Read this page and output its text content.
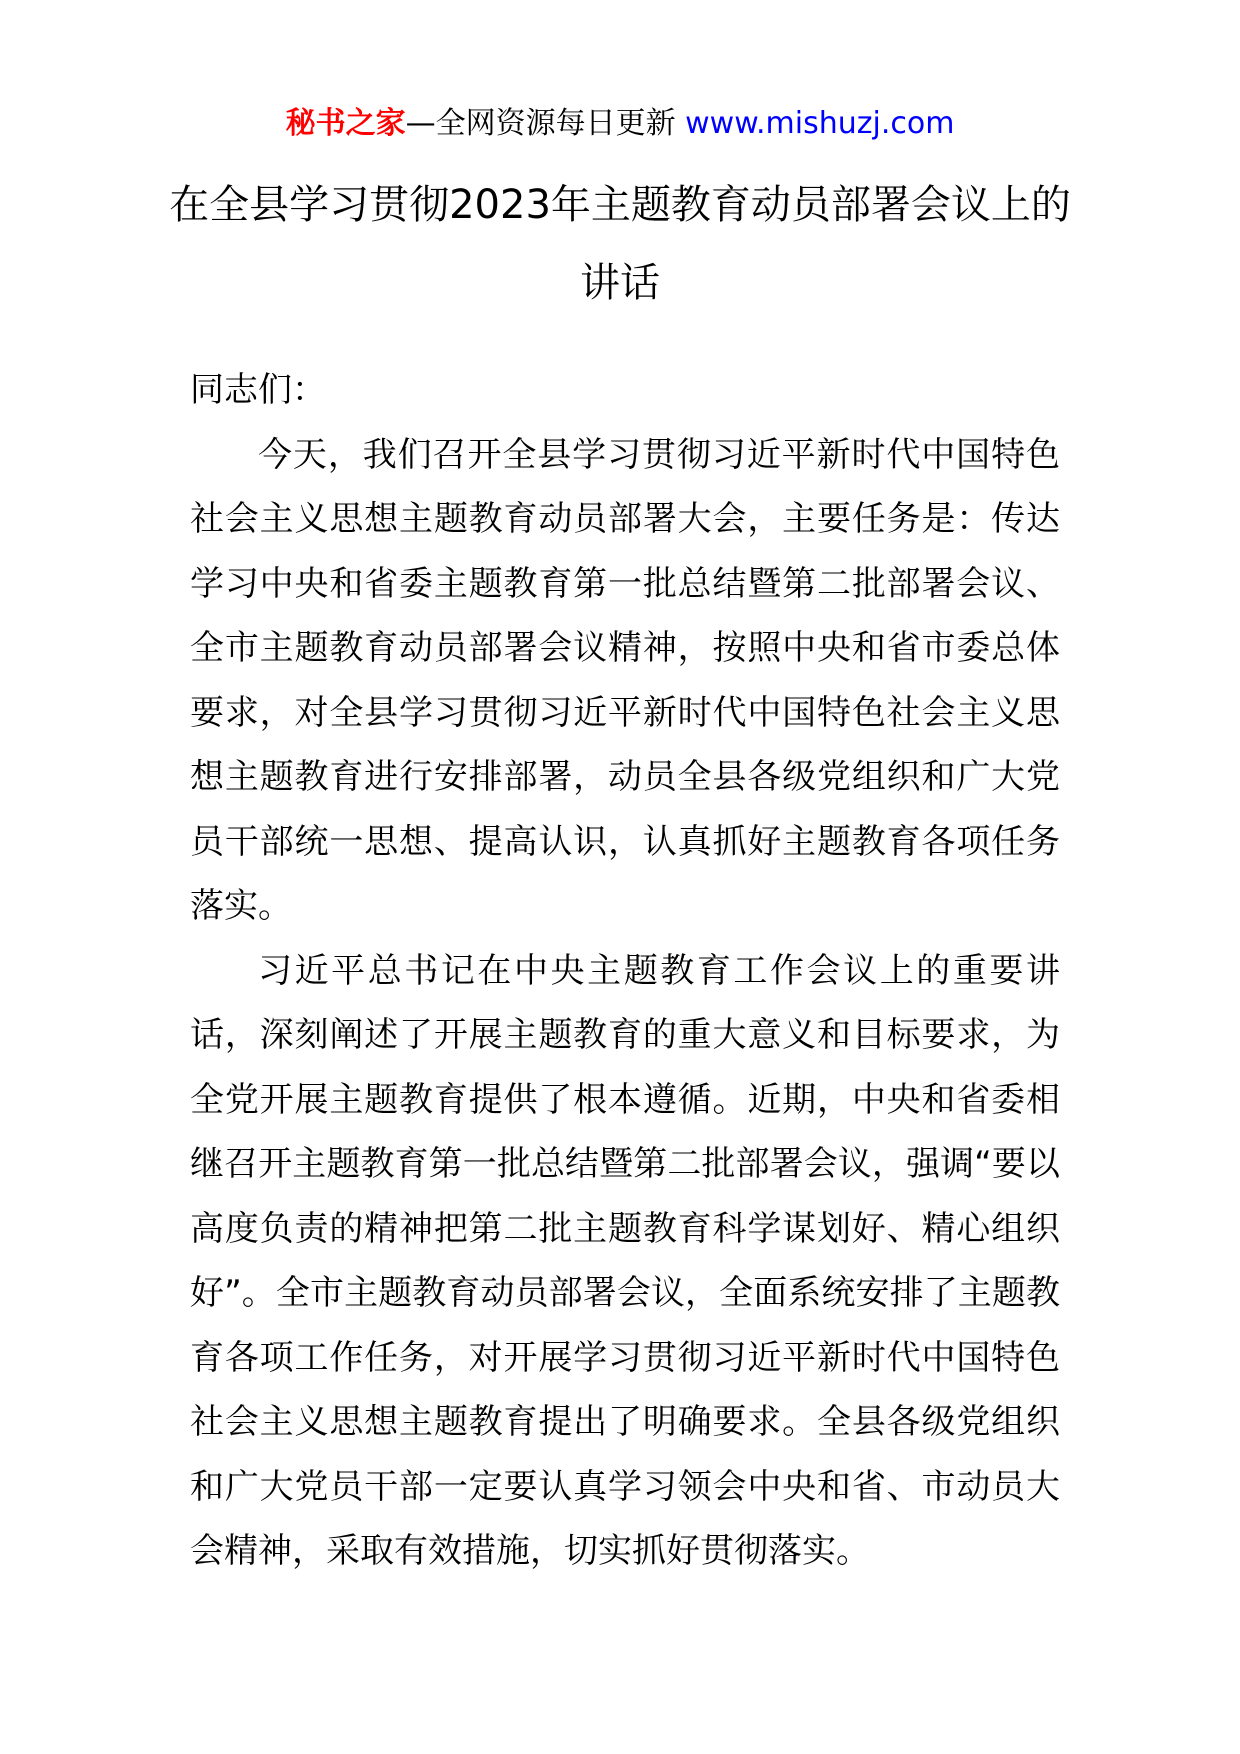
秘书之家—全网资源每日更新 www.mishuzj.com
在全县学习贯彻2023年主题教育动员部署会议上的讲话

同志们：

今天，我们召开全县学习贯彻习近平新时代中国特色社会主义思想主题教育动员部署大会，主要任务是：传达学习中央和省委主题教育第一批总结暨第二批部署会议、全市主题教育动员部署会议精神，按照中央和省市委总体要求，对全县学习贯彻习近平新时代中国特色社会主义思想主题教育进行安排部署，动员全县各级党组织和广大党员干部统一思想、提高认识，认真抓好主题教育各项任务落实。

习近平总书记在中央主题教育工作会议上的重要讲话，深刻阐述了开展主题教育的重大意义和目标要求，为全党开展主题教育提供了根本遵循。近期，中央和省委相继召开主题教育第一批总结暨第二批部署会议，强调“要以高度负责的精神把第二批主题教育科学谋划好、精心组织好”。全市主题教育动员部署会议，全面系统安排了主题教育各项工作任务，对开展学习贯彻习近平新时代中国特色社会主义思想主题教育提出了明确要求。全县各级党组织和广大党员干部一定要认真学习领会中央和省、市动员大会精神，采取有效措施，切实抓好贯彻落实。
